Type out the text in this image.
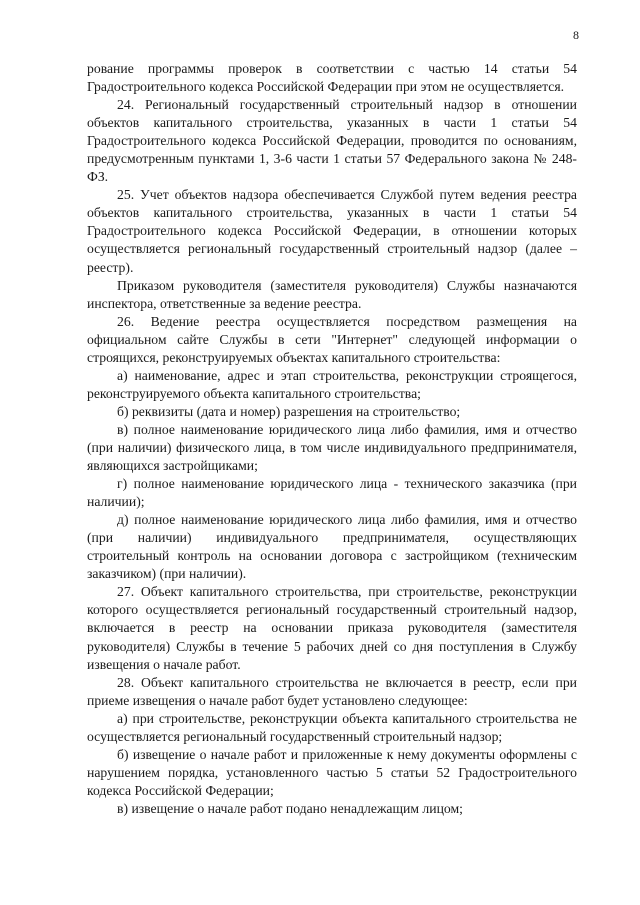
8

рование программы проверок в соответствии с частью 14 статьи 54 Градостроительного кодекса Российской Федерации при этом не осуществляется.

24. Региональный государственный строительный надзор в отношении объектов капитального строительства, указанных в части 1 статьи 54 Градостроительного кодекса Российской Федерации, проводится по основаниям, предусмотренным пунктами 1, 3-6 части 1 статьи 57 Федерального закона № 248-ФЗ.

25. Учет объектов надзора обеспечивается Службой путем ведения реестра объектов капитального строительства, указанных в части 1 статьи 54 Градостроительного кодекса Российской Федерации, в отношении которых осуществляется региональный государственный строительный надзор (далее – реестр).

Приказом руководителя (заместителя руководителя) Службы назначаются инспектора, ответственные за ведение реестра.

26. Ведение реестра осуществляется посредством размещения на официальном сайте Службы в сети "Интернет" следующей информации о строящихся, реконструируемых объектах капитального строительства:

а) наименование, адрес и этап строительства, реконструкции строящегося, реконструируемого объекта капитального строительства;

б) реквизиты (дата и номер) разрешения на строительство;

в) полное наименование юридического лица либо фамилия, имя и отчество (при наличии) физического лица, в том числе индивидуального предпринимателя, являющихся застройщиками;

г) полное наименование юридического лица - технического заказчика (при наличии);

д) полное наименование юридического лица либо фамилия, имя и отчество (при наличии) индивидуального предпринимателя, осуществляющих строительный контроль на основании договора с застройщиком (техническим заказчиком) (при наличии).

27. Объект капитального строительства, при строительстве, реконструкции которого осуществляется региональный государственный строительный надзор, включается в реестр на основании приказа руководителя (заместителя руководителя) Службы в течение 5 рабочих дней со дня поступления в Службу извещения о начале работ.

28. Объект капитального строительства не включается в реестр, если при приеме извещения о начале работ будет установлено следующее:

а) при строительстве, реконструкции объекта капитального строительства не осуществляется региональный государственный строительный надзор;

б) извещение о начале работ и приложенные к нему документы оформлены с нарушением порядка, установленного частью 5 статьи 52 Градостроительного кодекса Российской Федерации;

в) извещение о начале работ подано ненадлежащим лицом;
